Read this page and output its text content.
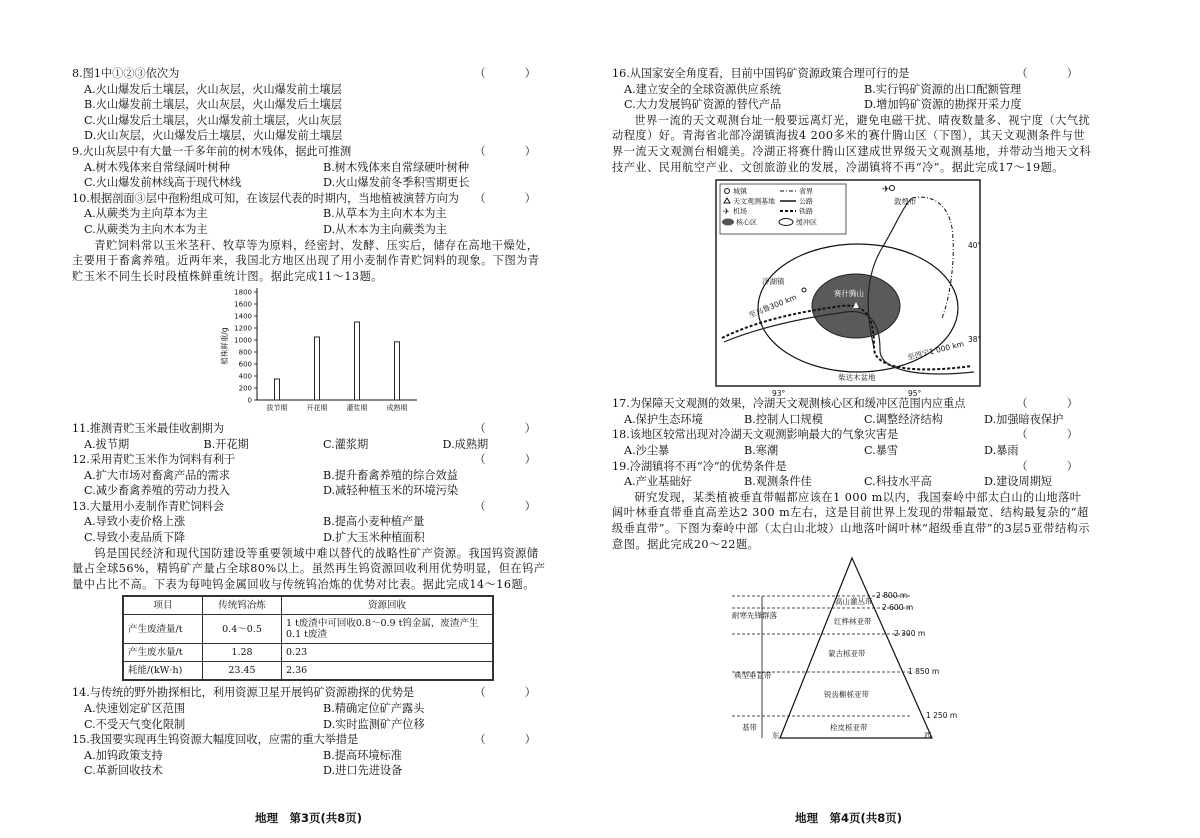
8.图1中①②③依次为	（　）
A.火山爆发后土壤层，火山灰层，火山爆发前土壤层
B.火山爆发前土壤层，火山灰层，火山爆发后土壤层
C.火山爆发后土壤层，火山爆发前土壤层，火山灰层
D.火山灰层，火山爆发后土壤层，火山爆发前土壤层
9.火山灰层中有大量一千多年前的树木残体，据此可推测	（　）
A.树木残体来自常绿阔叶树种	B.树木残体来自常绿硬叶树种
C.火山爆发前林线高于现代林线	D.火山爆发前冬季积雪期更长
10.根据剖面③层中孢粉组成可知，在该层代表的时期内，当地植被演替方向为	（　）
A.从蕨类为主向草本为主	B.从草本为主向木本为主
C.从蕨类为主向木本为主	D.从木本为主向蕨类为主
青贮饲料常以玉米茎秆、牧草等为原料，经密封、发酵、压实后，储存在高地干燥处，主要用于畜禽养殖。近两年来，我国北方地区出现了用小麦制作青贮饲料的现象。下图为青贮玉米不同生长时段植株鲜重统计图。据此完成11～13题。
0
200
400
600
800
1000
1200
1400
1600
1800
植株鲜重/g
拔节期	开花期	灌浆期	成熟期
11.推测青贮玉米最佳收割期为	（　）
A.拔节期	B.开花期	C.灌浆期	D.成熟期
12.采用青贮玉米作为饲料有利于	（　）
A.扩大市场对畜禽产品的需求	B.提升畜禽养殖的综合效益
C.减少畜禽养殖的劳动力投入	D.减轻种植玉米的环境污染
13.大量用小麦制作青贮饲料会	（　）
A.导致小麦价格上涨	B.提高小麦种植产量
C.导致小麦品质下降	D.扩大玉米种植面积
钨是国民经济和现代国防建设等重要领域中难以替代的战略性矿产资源。我国钨资源储量占全球56%，精钨矿产量占全球80%以上。虽然再生钨资源回收利用优势明显，但在钨产量中占比不高。下表为每吨钨金属回收与传统钨冶炼的优势对比表。据此完成14～16题。
项目	传统钨冶炼	资源回收
产生废渣量/t	0.4～0.5	1 t废渣中可回收0.8～0.9 t钨金属，废渣产生0.1 t废渣
产生废水量/t	1.28	0.23
耗能/(kW·h)	23.45	2.36
14.与传统的野外勘探相比，利用资源卫星开展钨矿资源勘探的优势是	（　）
A.快速划定矿区范围	B.精确定位矿产露头
C.不受天气变化限制	D.实时监测矿产位移
15.我国要实现再生钨资源大幅度回收，应需的重大举措是	（　）
A.加钨政策支持	B.提高环境标准
C.革新回收技术	D.进口先进设备
地理　第3页(共8页)
16.从国家安全角度看，目前中国钨矿资源政策合理可行的是	（　）
A.建立安全的全球资源供应系统	B.实行钨矿资源的出口配额管理
C.大力发展钨矿资源的替代产品	D.增加钨矿资源的勘探开采力度
世界一流的天文观测台址一般要远离灯光，避免电磁干扰、晴夜数量多、视宁度（大气扰动程度）好。青海省北部冷湖镇海拔4 200多米的赛什腾山区（下图），其天文观测条件与世界一流天文观测台相媲美。冷湖正将赛什腾山区建成世界级天文观测基地，并带动当地天文科技产业、民用航空产业、文创旅游业的发展，冷湖镇将不再“冷”。据此完成17～19题。
城镇	省界
天文观测基地	公路
✈ 机场	铁路
核心区	缓冲区
敦煌市
✈
冷湖镇
赛什腾山
至乌鲁300 km
至西宁1 000 km
柴达木盆地
40°
38°
93°	95°
17.为保障天文观测的效果，冷湖天文观测核心区和缓冲区范围内应重点	（　）
A.保护生态环境	B.控制人口规模	C.调整经济结构	D.加强暗夜保护
18.该地区较常出现对冷湖天文观测影响最大的气象灾害是	（　）
A.沙尘暴	B.寒潮	C.暴雪	D.暴雨
19.冷湖镇将不再“冷”的优势条件是	（　）
A.产业基础好	B.观测条件佳	C.科技水平高	D.建设周期短
研究发现，某类植被垂直带幅都应该在1 000 m以内，我国秦岭中部太白山的山地落叶阔叶林垂直带垂直高差达2 300 m左右，这是目前世界上发现的带幅最宽、结构最复杂的“超级垂直带”。下图为秦岭中部（太白山北坡）山地落叶阔叶林“超级垂直带”的3层5亚带结构示意图。据此完成20～22题。
高山灌丛带
红桦林亚带
蒙古栎亚带
锐齿槲栎亚带
栓皮栎亚带
2 800 m
2 600 m
2 300 m
1 850 m
1 250 m
耐寒先锋群落
典型垂直带
基带
东	西
地理　第4页(共8页)
